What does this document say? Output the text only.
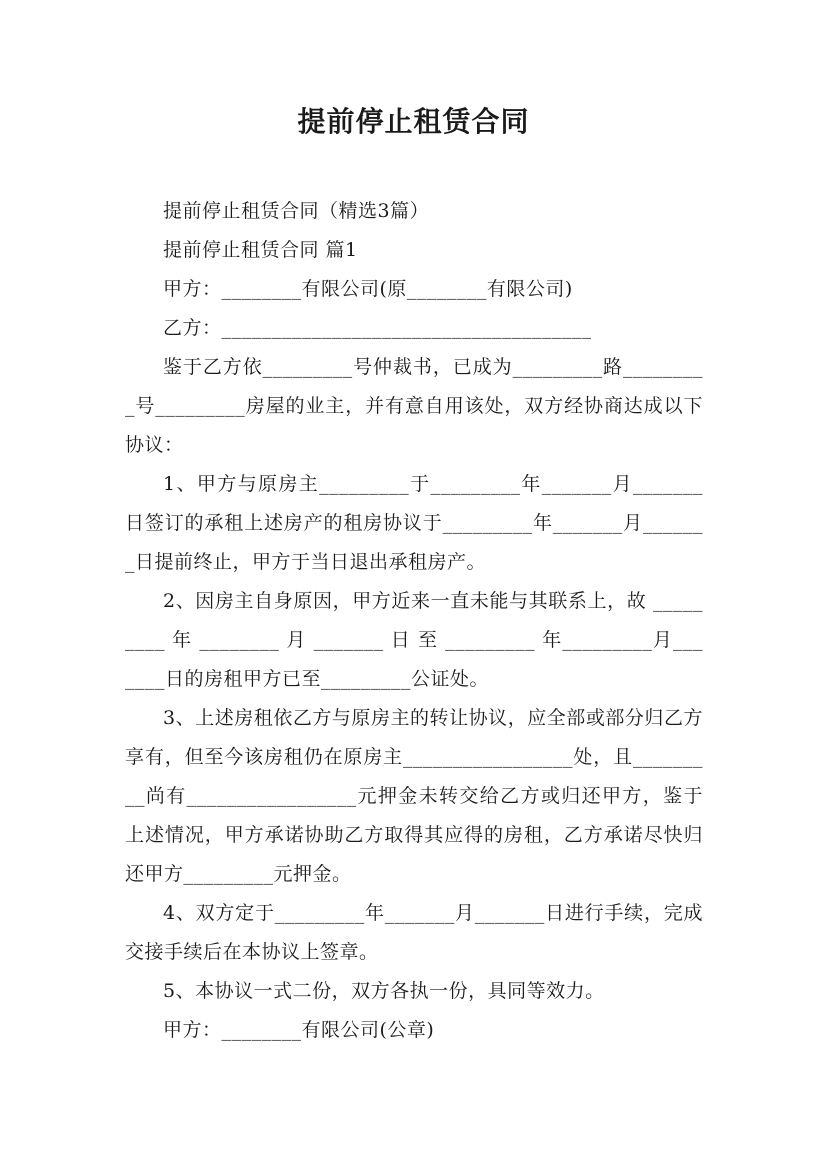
提前停止租赁合同

提前停止租赁合同（精选3篇）

提前停止租赁合同 篇1

甲方：________有限公司(原________有限公司)

乙方：_____________________________________

鉴于乙方依_________号仲裁书，已成为_________路_________号_________房屋的业主，并有意自用该处，双方经协商达成以下协议：

1、甲方与原房主_________于_________年_______月_______日签订的承租上述房产的租房协议于_________年_______月_______日提前终止，甲方于当日退出承租房产。

2、因房主自身原因，甲方近来一直未能与其联系上，故 _________ 年 ________ 月 _______ 日 至 _________ 年_________月_______日的房租甲方已至_________公证处。

3、上述房租依乙方与原房主的转让协议，应全部或部分归乙方享有，但至今该房租仍在原房主_________________处，且_________尚有_________________元押金未转交给乙方或归还甲方，鉴于上述情况，甲方承诺协助乙方取得其应得的房租，乙方承诺尽快归还甲方_________元押金。

4、双方定于_________年_______月_______日进行手续，完成交接手续后在本协议上签章。

5、本协议一式二份，双方各执一份，具同等效力。

甲方：________有限公司(公章)
